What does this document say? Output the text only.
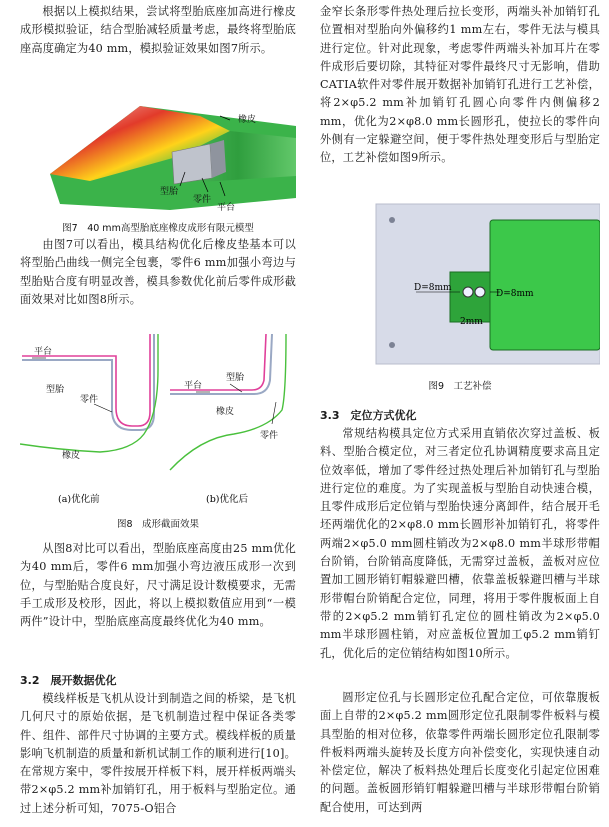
根据以上模拟结果，尝试将型胎底座加高进行橡皮成形模拟验证，结合型胎减轻质量考虑，最终将型胎底座高度确定为40 mm，模拟验证效果如图7所示。

橡皮
型胎
零件
平台
图7　40 mm高型胎底座橡皮成形有限元模型

由图7可以看出，模具结构优化后橡皮垫基本可以将型胎凸曲线一侧完全包裹，零件6 mm加强小弯边与型胎贴合度有明显改善，模具参数优化前后零件成形截面效果对比如图8所示。

平台
型胎
零件
橡皮
平台
型胎
橡皮
零件
(a)优化前	(b)优化后
图8　成形截面效果

从图8对比可以看出，型胎底座高度由25 mm优化为40 mm后，零件6 mm加强小弯边液压成形一次到位，与型胎贴合度良好，尺寸满足设计数模要求，无需手工成形及校形，因此，将以上模拟数值应用到“一模两件”设计中，型胎底座高度最终优化为40 mm。

3.2　展开数据优化

模线样板是飞机从设计到制造之间的桥梁，是飞机几何尺寸的原始依据，是飞机制造过程中保证各类零件、组件、部件尺寸协调的主要方式。模线样板的质量影响飞机制造的质量和新机试制工作的顺利进行[10]。在常规方案中，零件按展开样板下料，展开样板两端头带2×φ5.2 mm补加销钉孔，用于板料与型胎定位。通过上述分析可知，7075-O铝合

金窄长条形零件热处理后拉长变形，两端头补加销钉孔位置相对型胎向外偏移约1 mm左右，零件无法与模具进行定位。针对此现象，考虑零件两端头补加耳片在零件成形后要切除，其特征对零件最终尺寸无影响，借助CATIA软件对零件展开数据补加销钉孔进行工艺补偿，将2×φ5.2 mm补加销钉孔圆心向零件内侧偏移2 mm，优化为2×φ8.0 mm长圆形孔，使拉长的零件向外侧有一定躲避空间，便于零件热处理变形后与型胎定位，工艺补偿如图9所示。

D=8mm
D=8mm
2mm
图9　工艺补偿
3.3　定位方式优化

常规结构模具定位方式采用直销依次穿过盖板、板料、型胎合模定位，对三者定位孔协调精度要求高且定位效率低，增加了零件经过热处理后补加销钉孔与型胎进行定位的难度。为了实现盖板与型胎自动快速合模，且零件成形后定位销与型胎快速分离卸件，结合展开毛坯两端优化的2×φ8.0 mm长圆形补加销钉孔，将零件两端2×φ5.0 mm圆柱销改为2×φ8.0 mm半球形带帽台阶销，台阶销高度降低，无需穿过盖板，盖板对应位置加工圆形销钉帽躲避凹槽，依靠盖板躲避凹槽与半球形带帽台阶销配合定位，同理，将用于零件腹板面上自带的2×φ5.2 mm销钉孔定位的圆柱销改为2×φ5.0 mm半球形圆柱销，对应盖板位置加工φ5.2 mm销钉孔，优化后的定位销结构如图10所示。

圆形定位孔与长圆形定位孔配合定位，可依靠腹板面上自带的2×φ5.2 mm圆形定位孔限制零件板料与模具型胎的相对位移，依靠零件两端长圆形定位孔限制零件板料两端头旋转及长度方向补偿变化，实现快速自动补偿定位，解决了板料热处理后长度变化引起定位困难的问题。盖板圆形销钉帽躲避凹槽与半球形带帽台阶销配合使用，可达到两
